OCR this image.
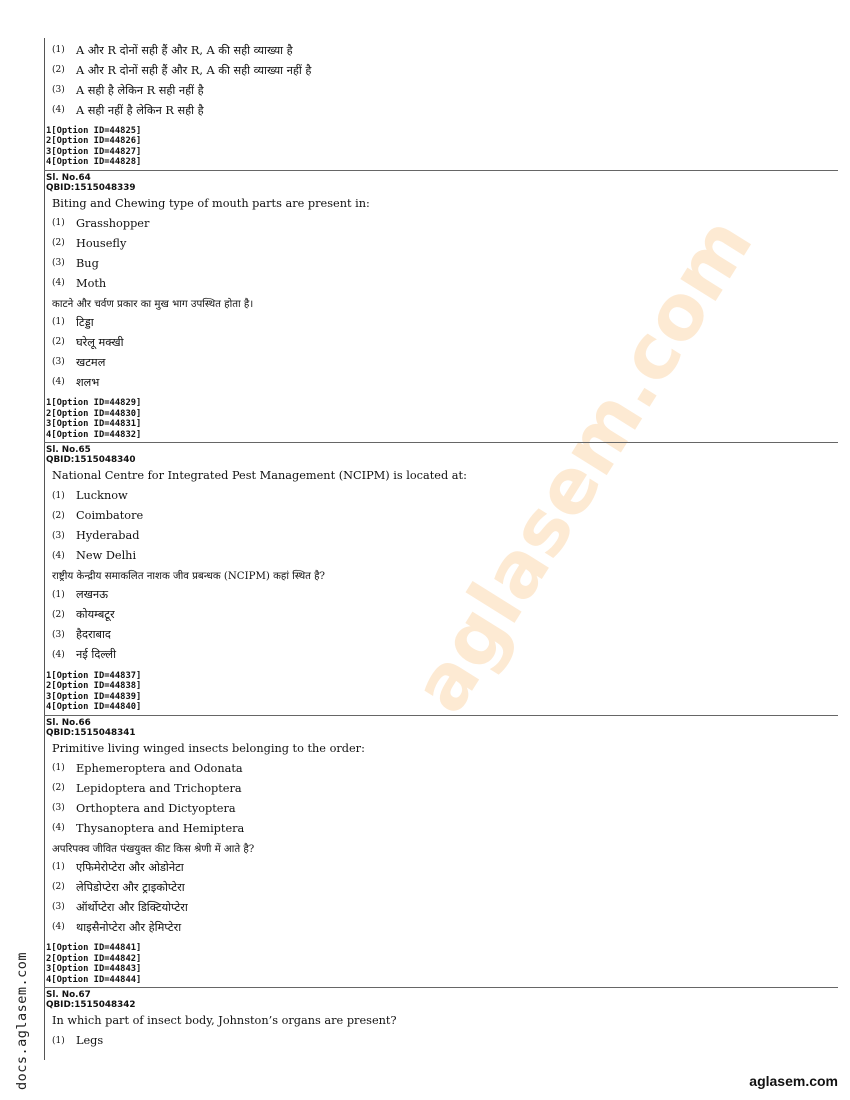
aglasem.com
docs.aglasem.com	aglasem.com
(1) A और R दोनों सही हैं और R, A की सही व्याख्या है
(2) A और R दोनों सही हैं और R, A की सही व्याख्या नहीं है
(3) A सही है लेकिन R सही नहीं है
(4) A सही नहीं है लेकिन R सही है
1[Option ID=44825]
2[Option ID=44826]
3[Option ID=44827]
4[Option ID=44828]
Sl. No.64
QBID:1515048339
Biting and Chewing type of mouth parts are present in:
(1) Grasshopper
(2) Housefly
(3) Bug
(4) Moth
काटने और चर्वण प्रकार का मुख भाग उपस्थित होता है।
(1) टिड्डा
(2) घरेलू मक्खी
(3) खटमल
(4) शलभ
1[Option ID=44829]
2[Option ID=44830]
3[Option ID=44831]
4[Option ID=44832]
Sl. No.65
QBID:1515048340
National Centre for Integrated Pest Management (NCIPM) is located at:
(1) Lucknow
(2) Coimbatore
(3) Hyderabad
(4) New Delhi
राष्ट्रीय केन्द्रीय समाकलित नाशक जीव प्रबन्धक (NCIPM) कहां स्थित है?
(1) लखनऊ
(2) कोयम्बटूर
(3) हैदराबाद
(4) नई दिल्ली
1[Option ID=44837]
2[Option ID=44838]
3[Option ID=44839]
4[Option ID=44840]
Sl. No.66
QBID:1515048341
Primitive living winged insects belonging to the order:
(1) Ephemeroptera and Odonata
(2) Lepidoptera and Trichoptera
(3) Orthoptera and Dictyoptera
(4) Thysanoptera and Hemiptera
अपरिपक्व जीवित पंखयुक्त कीट किस श्रेणी में आते है?
(1) एफिमेरोप्टेरा और ओडोनेटा
(2) लेपिडोप्टेरा और ट्राइकोप्टेरा
(3) ऑर्थोप्टेरा और डिक्टियोप्टेरा
(4) थाइसैनोप्टेरा और हेमिप्टेरा
1[Option ID=44841]
2[Option ID=44842]
3[Option ID=44843]
4[Option ID=44844]
Sl. No.67
QBID:1515048342
In which part of insect body, Johnston’s organs are present?
(1) Legs
